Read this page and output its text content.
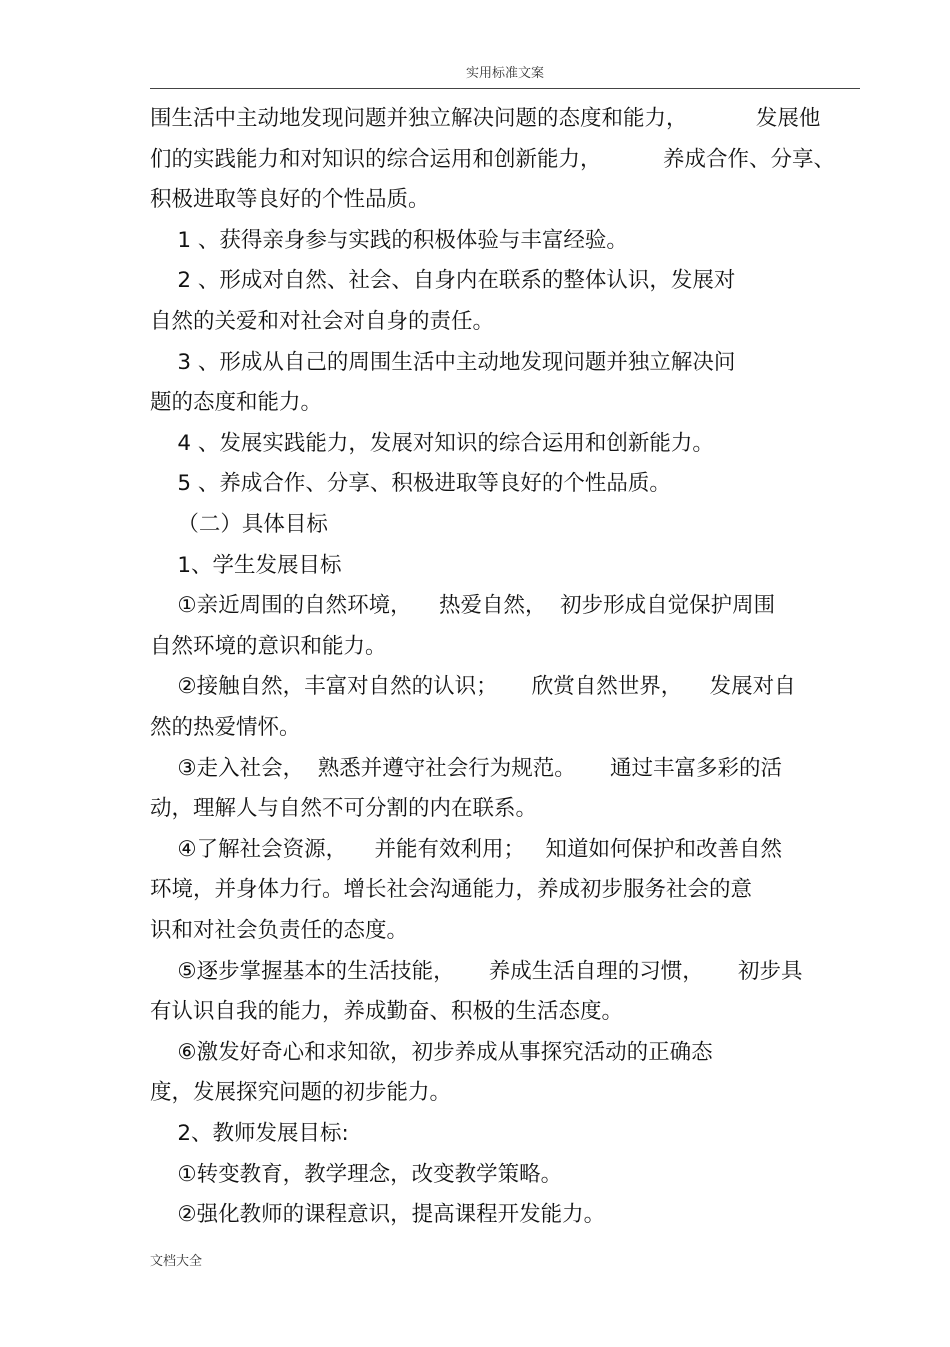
实用标准文案
围生活中主动地发现问题并独立解决问题的态度和能力，          发展他
们的实践能力和对知识的综合运用和创新能力，         养成合作、分享、
积极进取等良好的个性品质。
1 、获得亲身参与实践的积极体验与丰富经验。
2 、形成对自然、社会、自身内在联系的整体认识，发展对
自然的关爱和对社会对自身的责任。
3 、形成从自己的周围生活中主动地发现问题并独立解决问
题的态度和能力。
4 、发展实践能力，发展对知识的综合运用和创新能力。
5 、养成合作、分享、积极进取等良好的个性品质。
（二）具体目标
1、学生发展目标
①亲近周围的自然环境，    热爱自然，  初步形成自觉保护周围
自然环境的意识和能力。
②接触自然，丰富对自然的认识；     欣赏自然世界，    发展对自
然的热爱情怀。
③走入社会，  熟悉并遵守社会行为规范。     通过丰富多彩的活
动，理解人与自然不可分割的内在联系。
④了解社会资源，    并能有效利用；   知道如何保护和改善自然
环境，并身体力行。增长社会沟通能力，养成初步服务社会的意
识和对社会负责任的态度。
⑤逐步掌握基本的生活技能，     养成生活自理的习惯，     初步具
有认识自我的能力，养成勤奋、积极的生活态度。
⑥激发好奇心和求知欲，初步养成从事探究活动的正确态
度，发展探究问题的初步能力。
2、教师发展目标:
①转变教育，教学理念，改变教学策略。
②强化教师的课程意识，提高课程开发能力。
文档大全
